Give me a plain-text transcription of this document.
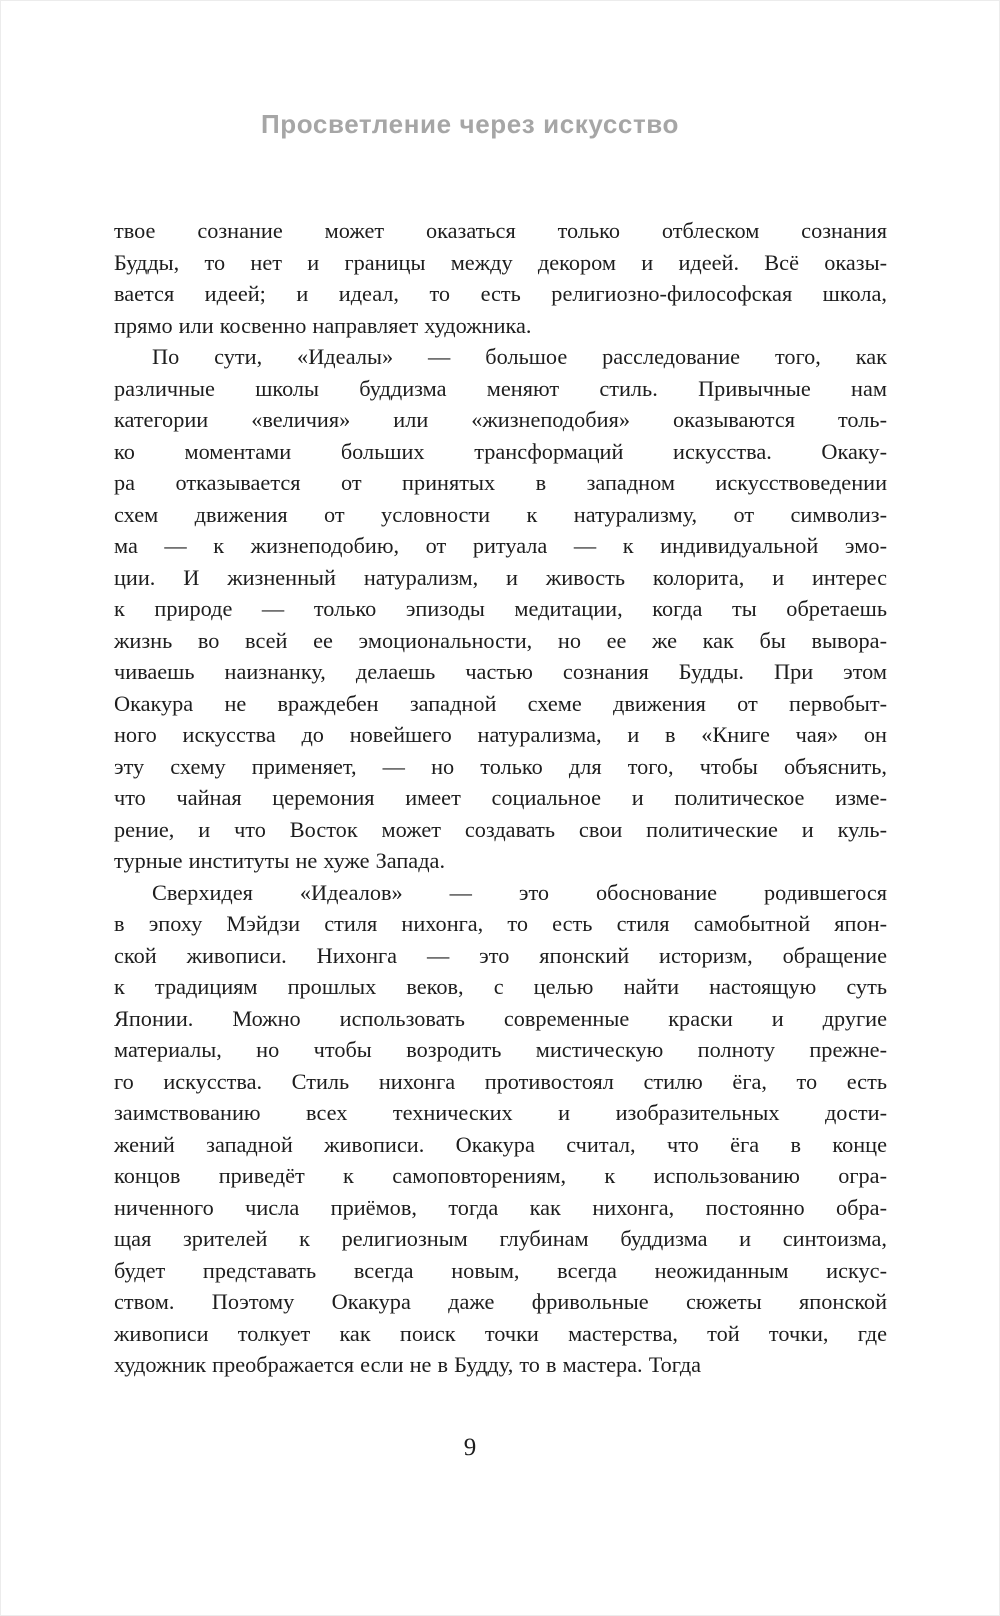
Просветление через искусство
твое сознание может оказаться только отблеском сознания
Будды, то нет и границы между декором и идеей. Всё оказы-
вается идеей; и идеал, то есть религиозно-философская школа,
прямо или косвенно направляет художника.
По сути, «Идеалы» — большое расследование того, как
различные школы буддизма меняют стиль. Привычные нам
категории «величия» или «жизнеподобия» оказываются толь-
ко моментами больших трансформаций искусства. Окаку-
ра отказывается от принятых в западном искусствоведении
схем движения от условности к натурализму, от символиз-
ма — к жизнеподобию, от ритуала — к индивидуальной эмо-
ции. И жизненный натурализм, и живость колорита, и интерес
к природе — только эпизоды медитации, когда ты обретаешь
жизнь во всей ее эмоциональности, но ее же как бы вывора-
чиваешь наизнанку, делаешь частью сознания Будды. При этом
Окакура не враждебен западной схеме движения от первобыт-
ного искусства до новейшего натурализма, и в «Книге чая» он
эту схему применяет, — но только для того, чтобы объяснить,
что чайная церемония имеет социальное и политическое изме-
рение, и что Восток может создавать свои политические и куль-
турные институты не хуже Запада.
Сверхидея «Идеалов» — это обоснование родившегося
в эпоху Мэйдзи стиля нихонга, то есть стиля самобытной япон-
ской живописи. Нихонга — это японский историзм, обращение
к традициям прошлых веков, с целью найти настоящую суть
Японии. Можно использовать современные краски и другие
материалы, но чтобы возродить мистическую полноту прежне-
го искусства. Стиль нихонга противостоял стилю ёга, то есть
заимствованию всех технических и изобразительных дости-
жений западной живописи. Окакура считал, что ёга в конце
концов приведёт к самоповторениям, к использованию огра-
ниченного числа приёмов, тогда как нихонга, постоянно обра-
щая зрителей к религиозным глубинам буддизма и синтоизма,
будет представать всегда новым, всегда неожиданным искус-
ством. Поэтому Окакура даже фривольные сюжеты японской
живописи толкует как поиск точки мастерства, той точки, где
художник преображается если не в Будду, то в мастера. Тогда
9
